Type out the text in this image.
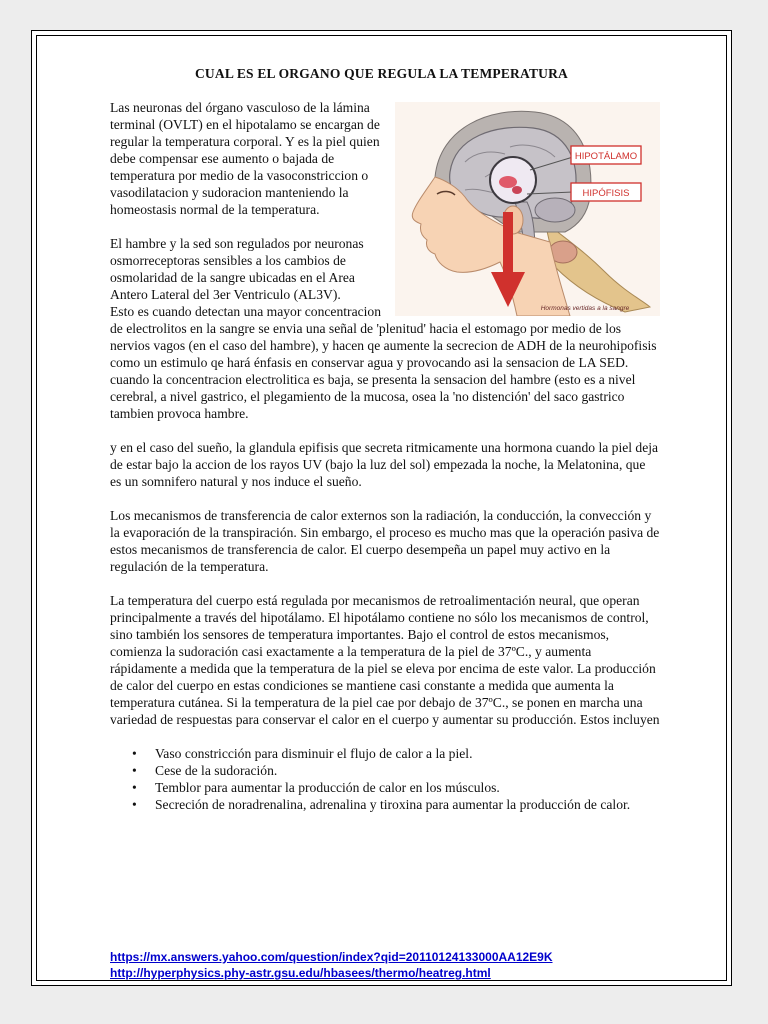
CUAL ES EL ORGANO QUE REGULA LA TEMPERATURA
HIPOTÁLAMO
HIPÓFISIS
Hormonas vertidas a la sangre

Las neuronas del órgano vasculoso de la lámina terminal (OVLT) en el hipotalamo se encargan de regular la temperatura corporal. Y es la piel quien debe compensar ese aumento o bajada de temperatura por medio de la vasoconstriccion o vasodilatacion y sudoracion manteniendo la homeostasis normal de la temperatura.

El hambre y la sed son regulados por neuronas osmorreceptoras sensibles a los cambios de osmolaridad de la sangre ubicadas en el Area Antero Lateral del 3er Ventriculo (AL3V).

Esto es cuando detectan una mayor concentracion de electrolitos en la sangre se envia una señal de 'plenitud' hacia el estomago por medio de los nervios vagos (en el caso del hambre), y hacen qe aumente la secrecion de ADH de la neurohipofisis como un estimulo qe hará énfasis en conservar agua y provocando asi la sensacion de LA SED. cuando la concentracion electrolitica es baja, se presenta la sensacion del hambre (esto es a nivel cerebral, a nivel gastrico, el plegamiento de la mucosa, osea la 'no distención' del saco gastrico tambien provoca hambre.

y en el caso del sueño, la glandula epifisis que secreta ritmicamente una hormona cuando la piel deja de estar bajo la accion de los rayos UV (bajo la luz del sol) empezada la noche, la Melatonina, que es un somnifero natural y nos induce el sueño.

Los mecanismos de transferencia de calor externos son la radiación, la conducción, la convección y la evaporación de la transpiración. Sin embargo, el proceso es mucho mas que la operación pasiva de estos mecanismos de transferencia de calor. El cuerpo desempeña un papel muy activo en la regulación de la temperatura.

La temperatura del cuerpo está regulada por mecanismos de retroalimentación neural, que operan principalmente a través del hipotálamo. El hipotálamo contiene no sólo los mecanismos de control, sino también los sensores de temperatura importantes. Bajo el control de estos mecanismos, comienza la sudoración casi exactamente a la temperatura de la piel de 37ºC., y aumenta rápidamente a medida que la temperatura de la piel se eleva por encima de este valor. La producción de calor del cuerpo en estas condiciones se mantiene casi constante a medida que aumenta la temperatura cutánea. Si la temperatura de la piel cae por debajo de 37ºC., se ponen en marcha una variedad de respuestas para conservar el calor en el cuerpo y aumentar su producción. Estos incluyen

• Vaso constricción para disminuir el flujo de calor a la piel.
• Cese de la sudoración.
• Temblor para aumentar la producción de calor en los músculos.
• Secreción de noradrenalina, adrenalina y tiroxina para aumentar la producción de calor.
https://mx.answers.yahoo.com/question/index?qid=20110124133000AA12E9K
http://hyperphysics.phy-astr.gsu.edu/hbasees/thermo/heatreg.html
